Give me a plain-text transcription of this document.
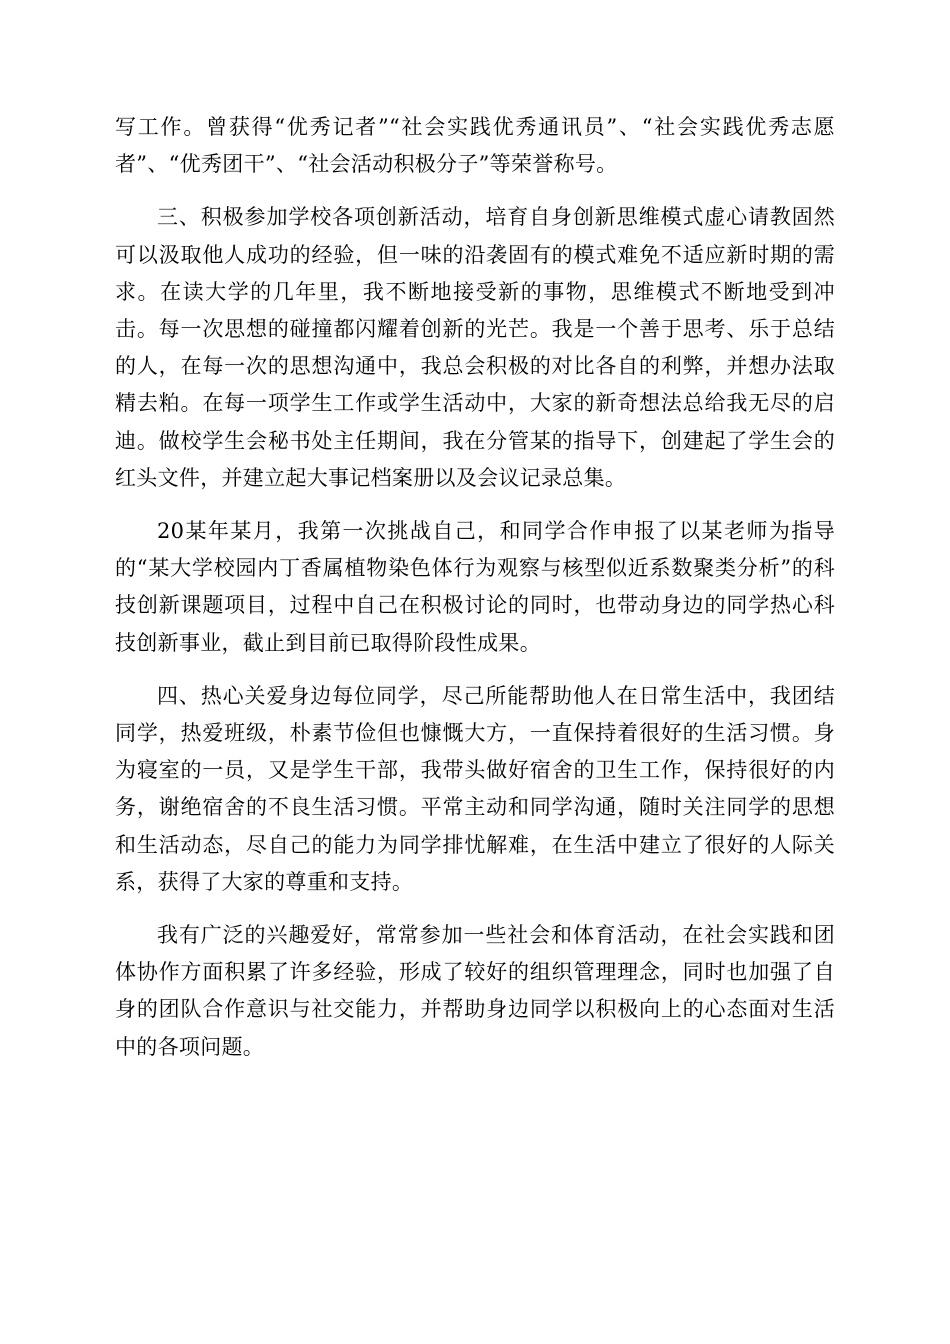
写工作。曾获得“优秀记者”“社会实践优秀通讯员”、“社会实践优秀志愿者”、“优秀团干”、“社会活动积极分子”等荣誉称号。

三、积极参加学校各项创新活动，培育自身创新思维模式虚心请教固然可以汲取他人成功的经验，但一味的沿袭固有的模式难免不适应新时期的需求。在读大学的几年里，我不断地接受新的事物，思维模式不断地受到冲击。每一次思想的碰撞都闪耀着创新的光芒。我是一个善于思考、乐于总结的人，在每一次的思想沟通中，我总会积极的对比各自的利弊，并想办法取精去粕。在每一项学生工作或学生活动中，大家的新奇想法总给我无尽的启迪。做校学生会秘书处主任期间，我在分管某的指导下，创建起了学生会的红头文件，并建立起大事记档案册以及会议记录总集。

20某年某月，我第一次挑战自己，和同学合作申报了以某老师为指导的“某大学校园内丁香属植物染色体行为观察与核型似近系数聚类分析”的科技创新课题项目，过程中自己在积极讨论的同时，也带动身边的同学热心科技创新事业，截止到目前已取得阶段性成果。

四、热心关爱身边每位同学，尽己所能帮助他人在日常生活中，我团结同学，热爱班级，朴素节俭但也慷慨大方，一直保持着很好的生活习惯。身为寝室的一员，又是学生干部，我带头做好宿舍的卫生工作，保持很好的内务，谢绝宿舍的不良生活习惯。平常主动和同学沟通，随时关注同学的思想和生活动态，尽自己的能力为同学排忧解难，在生活中建立了很好的人际关系，获得了大家的尊重和支持。

我有广泛的兴趣爱好，常常参加一些社会和体育活动，在社会实践和团体协作方面积累了许多经验，形成了较好的组织管理理念，同时也加强了自身的团队合作意识与社交能力，并帮助身边同学以积极向上的心态面对生活中的各项问题。
